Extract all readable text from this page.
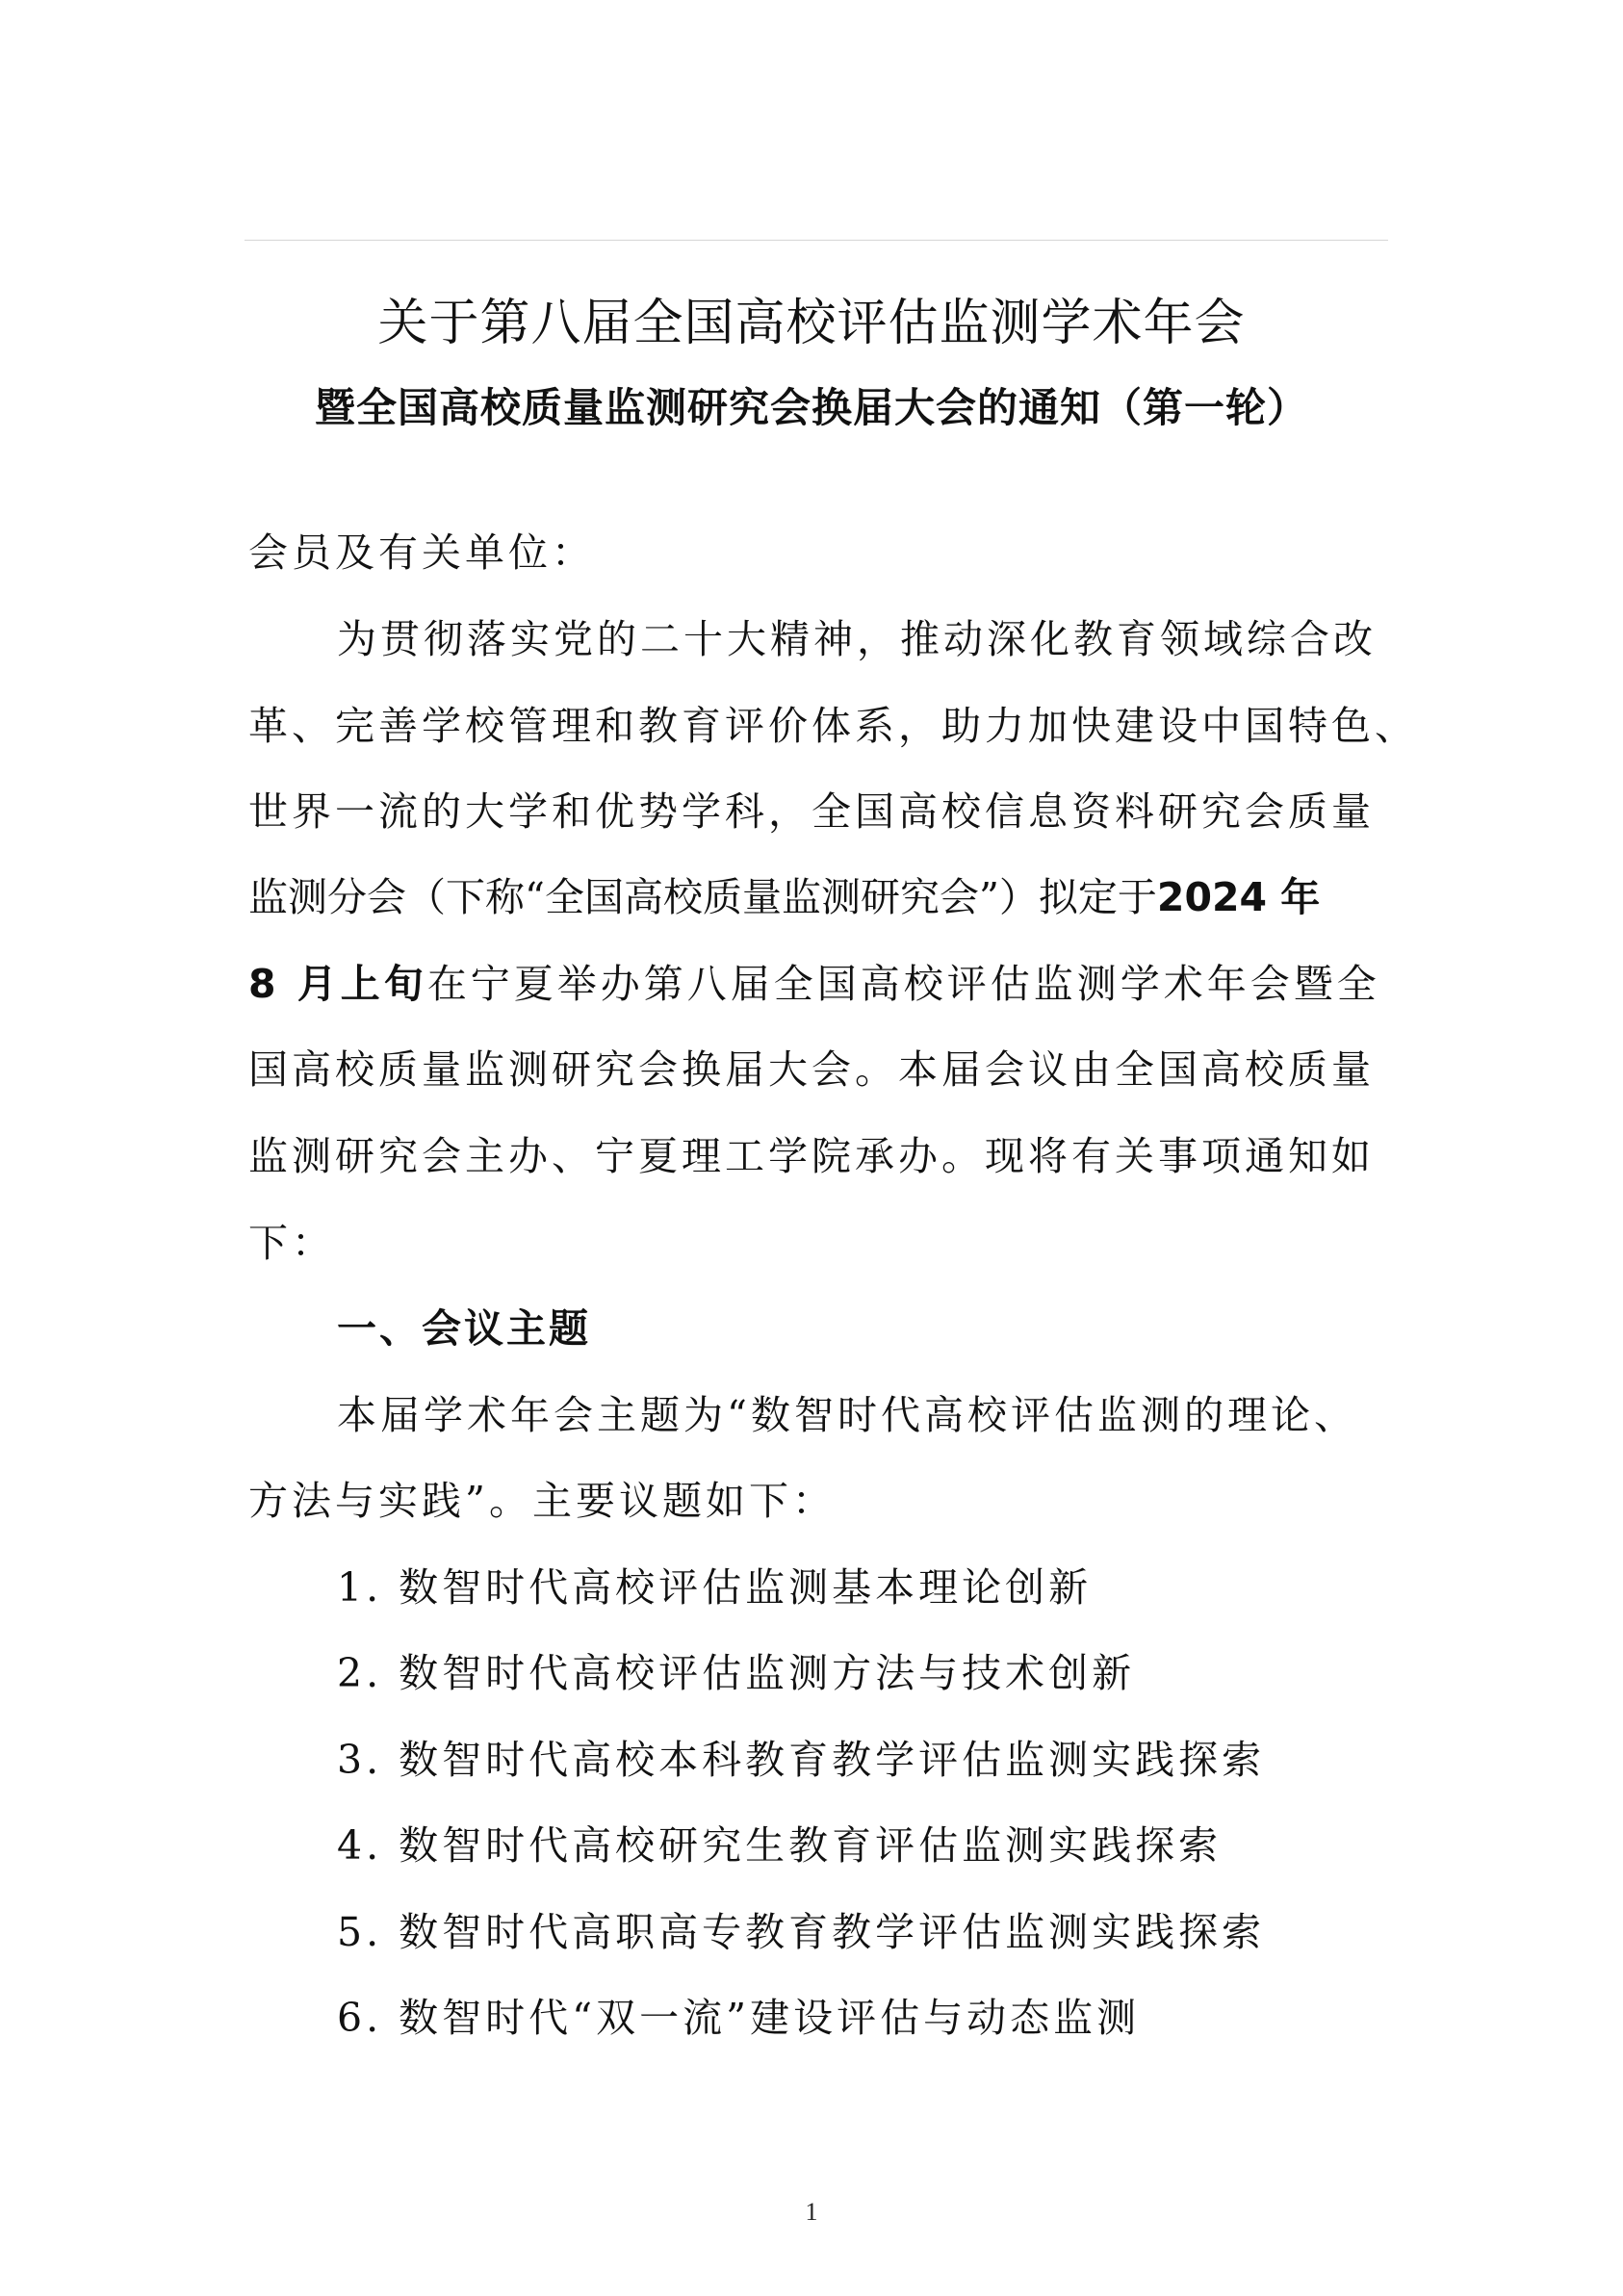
关于第八届全国高校评估监测学术年会
暨全国高校质量监测研究会换届大会的通知（第一轮）
会员及有关单位：
为贯彻落实党的二十大精神，推动深化教育领域综合改
革、完善学校管理和教育评价体系，助力加快建设中国特色、
世界一流的大学和优势学科，全国高校信息资料研究会质量
监测分会（下称“全国高校质量监测研究会”）拟定于2024 年
8 月上旬在宁夏举办第八届全国高校评估监测学术年会暨全
国高校质量监测研究会换届大会。本届会议由全国高校质量
监测研究会主办、宁夏理工学院承办。现将有关事项通知如
下：
一、会议主题
本届学术年会主题为“数智时代高校评估监测的理论、
方法与实践”。主要议题如下：
1. 数智时代高校评估监测基本理论创新
2. 数智时代高校评估监测方法与技术创新
3. 数智时代高校本科教育教学评估监测实践探索
4. 数智时代高校研究生教育评估监测实践探索
5. 数智时代高职高专教育教学评估监测实践探索
6. 数智时代“双一流”建设评估与动态监测
1
